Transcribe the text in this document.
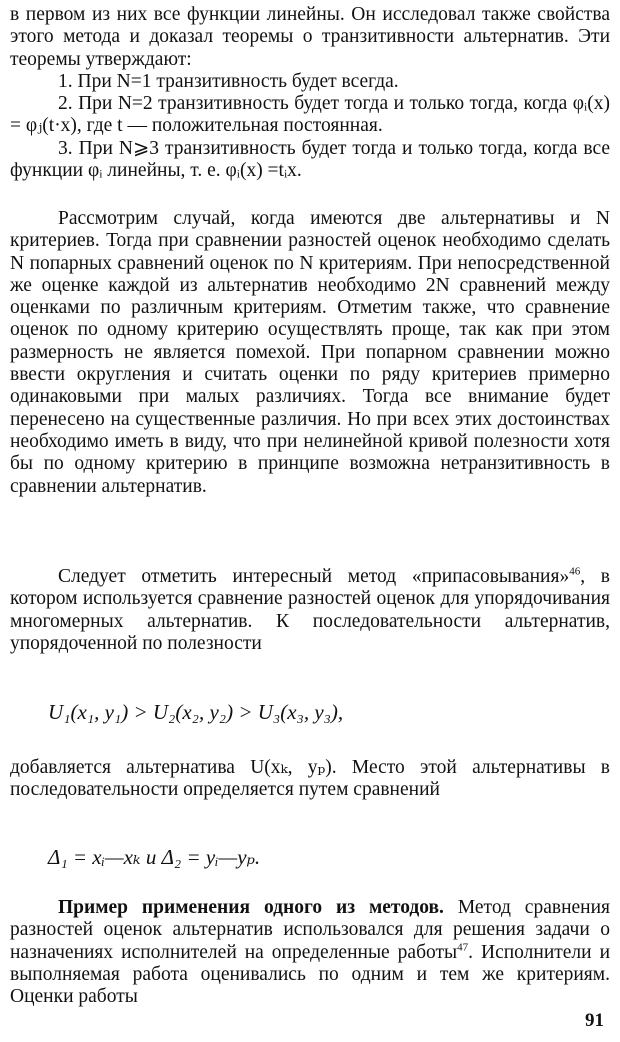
в первом из них все функции линейны. Он исследовал также свойства этого метода и доказал теоремы о транзитивности альтернатив. Эти теоремы утверждают:

1. При N=1 транзитивность будет всегда.

2. При N=2 транзитивность будет тогда и только тогда, когда φᵢ(x) = φⱼ(t·x), где t — положительная постоянная.

3. При N⩾3 транзитивность будет тогда и только тогда, когда все функции φᵢ линейны, т. е. φᵢ(x) =tᵢx.

Рассмотрим случай, когда имеются две альтернативы и N критериев. Тогда при сравнении разностей оценок необходимо сделать N попарных сравнений оценок по N критериям. При непосредственной же оценке каждой из альтернатив необходимо 2N сравнений между оценками по различным критериям. Отметим также, что сравнение оценок по одному критерию осуществлять проще, так как при этом размерность не является помехой. При попарном сравнении можно ввести округления и считать оценки по ряду критериев примерно одинаковыми при малых различиях. Тогда все внимание будет перенесено на существенные различия. Но при всех этих достоинствах необходимо иметь в виду, что при нелинейной кривой полезности хотя бы по одному критерию в принципе возможна нетранзитивность в сравнении альтернатив.

Следует отметить интересный метод «припасовывания»$^{46}$, в котором используется сравнение разностей оценок для упорядочивания многомерных альтернатив. К последовательности альтернатив, упорядоченной по полезности

U₁(x₁, y₁) > U₂(x₂, y₂) > U₃(x₃, y₃),

добавляется альтернатива U(xₖ, yₚ). Место этой альтернативы в последовательности определяется путем сравнений

Δ₁ = xᵢ—xₖ и Δ₂ = yᵢ—yₚ.

Пример применения одного из методов. Метод сравнения разностей оценок альтернатив использовался для решения задачи о назначениях исполнителей на определенные работы$^{47}$. Исполнители и выполняемая работа оценивались по одним и тем же критериям. Оценки работы

91
